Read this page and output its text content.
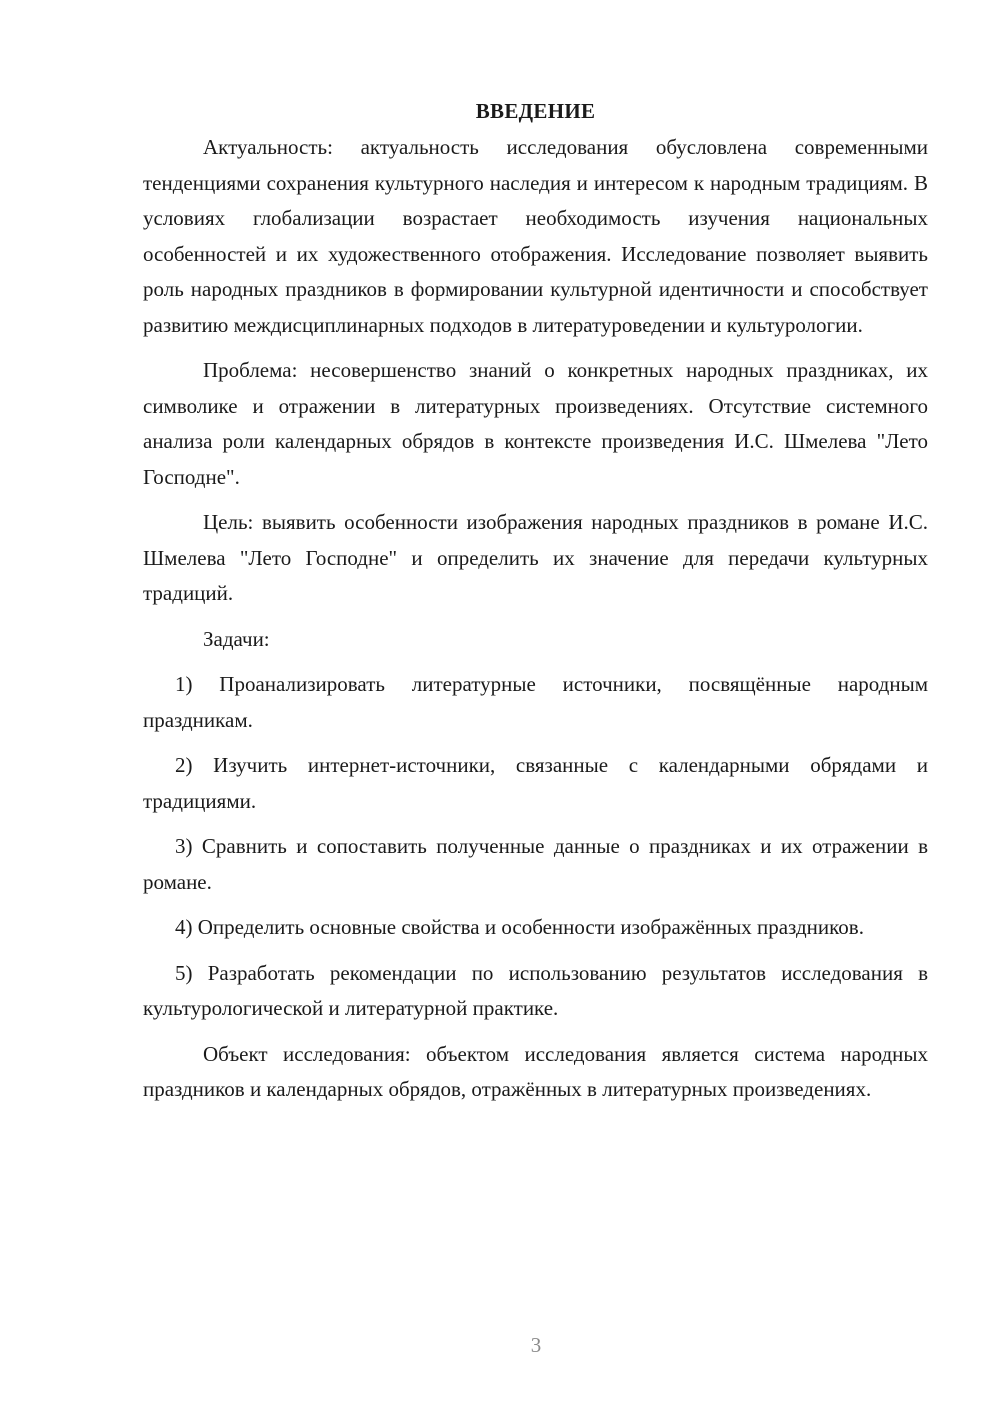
ВВЕДЕНИЕ

Актуальность: актуальность исследования обусловлена современными тенденциями сохранения культурного наследия и интересом к народным традициям. В условиях глобализации возрастает необходимость изучения национальных особенностей и их художественного отображения. Исследование позволяет выявить роль народных праздников в формировании культурной идентичности и способствует развитию междисциплинарных подходов в литературоведении и культурологии.

Проблема: несовершенство знаний о конкретных народных праздниках, их символике и отражении в литературных произведениях. Отсутствие системного анализа роли календарных обрядов в контексте произведения И.С. Шмелева "Лето Господне".

Цель: выявить особенности изображения народных праздников в романе И.С. Шмелева "Лето Господне" и определить их значение для передачи культурных традиций.

Задачи:

1) Проанализировать литературные источники, посвящённые народным праздникам.

2) Изучить интернет-источники, связанные с календарными обрядами и традициями.

3) Сравнить и сопоставить полученные данные о праздниках и их отражении в романе.

4) Определить основные свойства и особенности изображённых праздников.

5) Разработать рекомендации по использованию результатов исследования в культурологической и литературной практике.

Объект исследования: объектом исследования является система народных праздников и календарных обрядов, отражённых в литературных произведениях.

3
